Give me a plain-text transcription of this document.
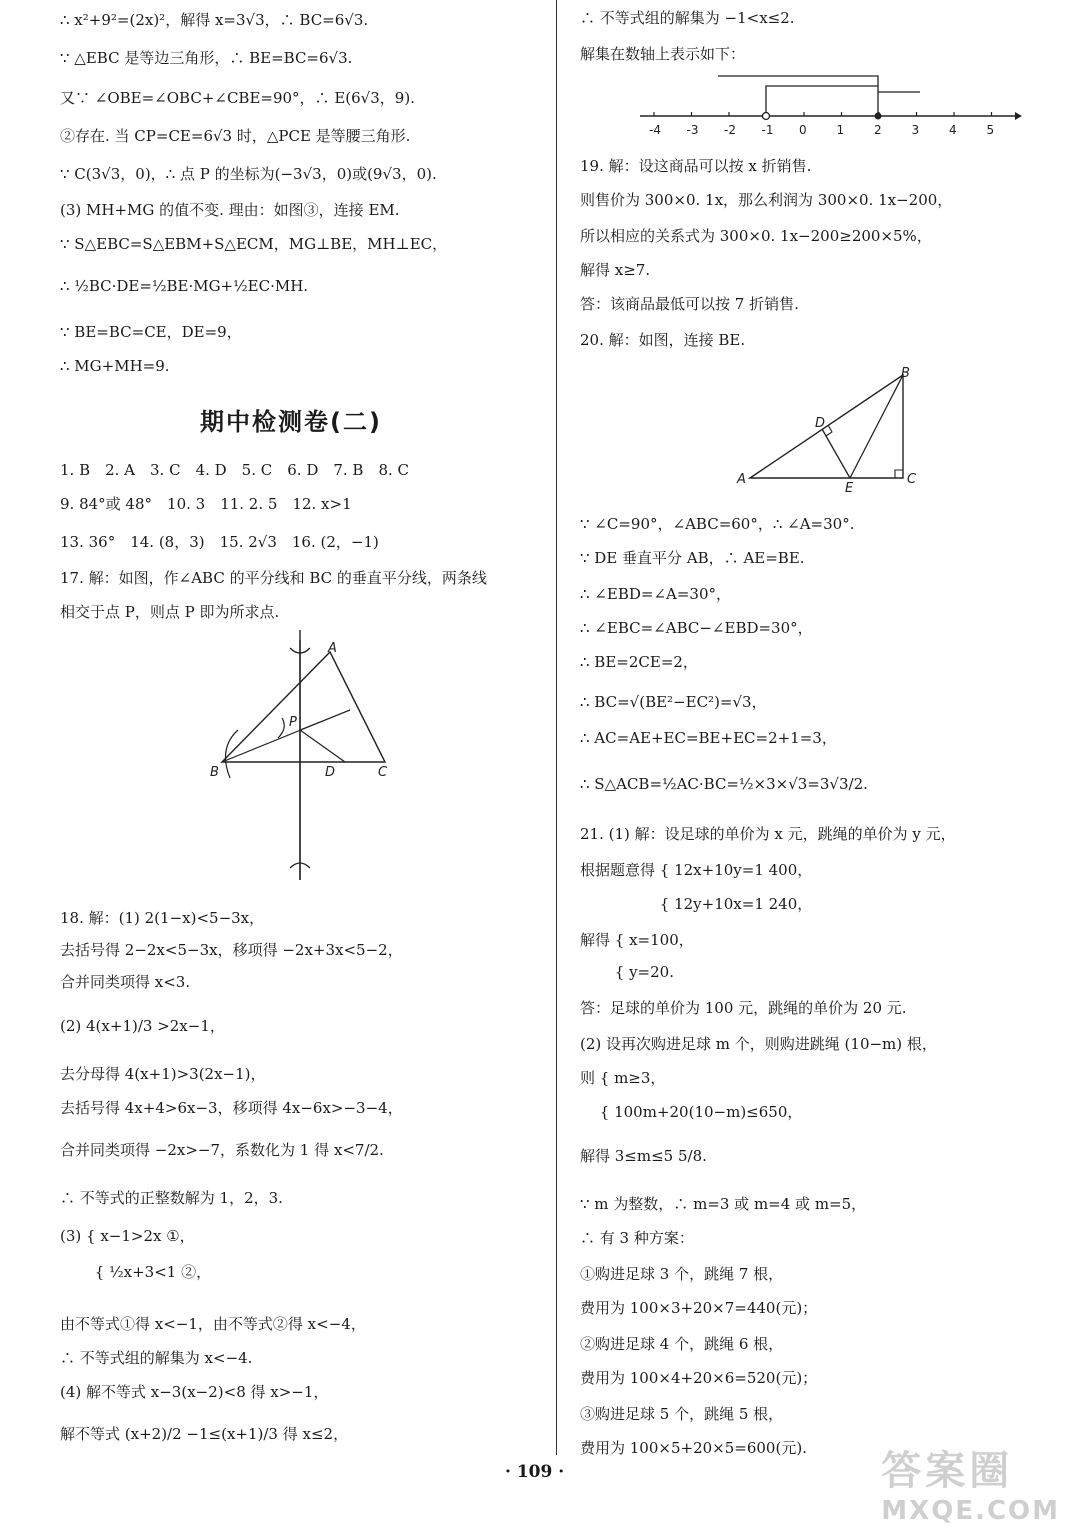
∴ x²+9²=(2x)²，解得 x=3√3，∴ BC=6√3.
∵ △EBC 是等边三角形，∴ BE=BC=6√3.
又∵ ∠OBE=∠OBC+∠CBE=90°，∴ E(6√3，9).
②存在. 当 CP=CE=6√3 时，△PCE 是等腰三角形.
∵ C(3√3，0)，∴ 点 P 的坐标为(−3√3，0)或(9√3，0).
(3) MH+MG 的值不变. 理由：如图③，连接 EM.
∵ S△EBC=S△EBM+S△ECM，MG⊥BE，MH⊥EC，
∴ ½BC·DE=½BE·MG+½EC·MH.
∵ BE=BC=CE，DE=9，
∴ MG+MH=9.
1. B　2. A　3. C　4. D　5. C　6. D　7. B　8. C
9. 84°或 48°　10. 3　11. 2. 5　12. x>1
13. 36°　14. (8，3)　15. 2√3　16. (2，−1)
17. 解：如图，作∠ABC 的平分线和 BC 的垂直平分线，两条线
相交于点 P，则点 P 即为所求点.
18. 解：(1) 2(1−x)<5−3x，
去括号得 2−2x<5−3x，移项得 −2x+3x<5−2，
合并同类项得 x<3.
(2) 4(x+1)/3 >2x−1，
去分母得 4(x+1)>3(2x−1)，
去括号得 4x+4>6x−3，移项得 4x−6x>−3−4，
合并同类项得 −2x>−7，系数化为 1 得 x<7/2.
∴ 不等式的正整数解为 1，2，3.
(3) { x−1>2x ①，
　　 { ½x+3<1 ②，
由不等式①得 x<−1，由不等式②得 x<−4，
∴ 不等式组的解集为 x<−4.
(4) 解不等式 x−3(x−2)<8 得 x>−1，
解不等式 (x+2)/2 −1≤(x+1)/3 得 x≤2，
∴ 不等式组的解集为 −1<x≤2.
解集在数轴上表示如下：
19. 解：设这商品可以按 x 折销售.
则售价为 300×0. 1x，那么利润为 300×0. 1x−200，
所以相应的关系式为 300×0. 1x−200≥200×5%，
解得 x≥7.
答：该商品最低可以按 7 折销售.
20. 解：如图，连接 BE.
∵ ∠C=90°，∠ABC=60°，∴ ∠A=30°.
∵ DE 垂直平分 AB，∴ AE=BE.
∴ ∠EBD=∠A=30°，
∴ ∠EBC=∠ABC−∠EBD=30°，
∴ BE=2CE=2，
∴ BC=√(BE²−EC²)=√3，
∴ AC=AE+EC=BE+EC=2+1=3，
∴ S△ACB=½AC·BC=½×3×√3=3√3/2.
21. (1) 解：设足球的单价为 x 元，跳绳的单价为 y 元，
根据题意得 { 12x+10y=1 400，
　　　　　 { 12y+10x=1 240，
解得 { x=100，
　　 { y=20.
答：足球的单价为 100 元，跳绳的单价为 20 元.
(2) 设再次购进足球 m 个，则购进跳绳 (10−m) 根，
则 { m≥3，
　 { 100m+20(10−m)≤650，
解得 3≤m≤5 5/8.
∵ m 为整数，∴ m=3 或 m=4 或 m=5，
∴ 有 3 种方案：
①购进足球 3 个，跳绳 7 根，
费用为 100×3+20×7=440(元)；
②购进足球 4 个，跳绳 6 根，
费用为 100×4+20×6=520(元)；
③购进足球 5 个，跳绳 5 根，
费用为 100×5+20×5=600(元).
期中检测卷(二)
A
B	C
D
P
-4 -3 -2 -1 0 1 2 3 4 5
A
B
C
D
E
· 109 ·	答案圈
MXQE.COM
